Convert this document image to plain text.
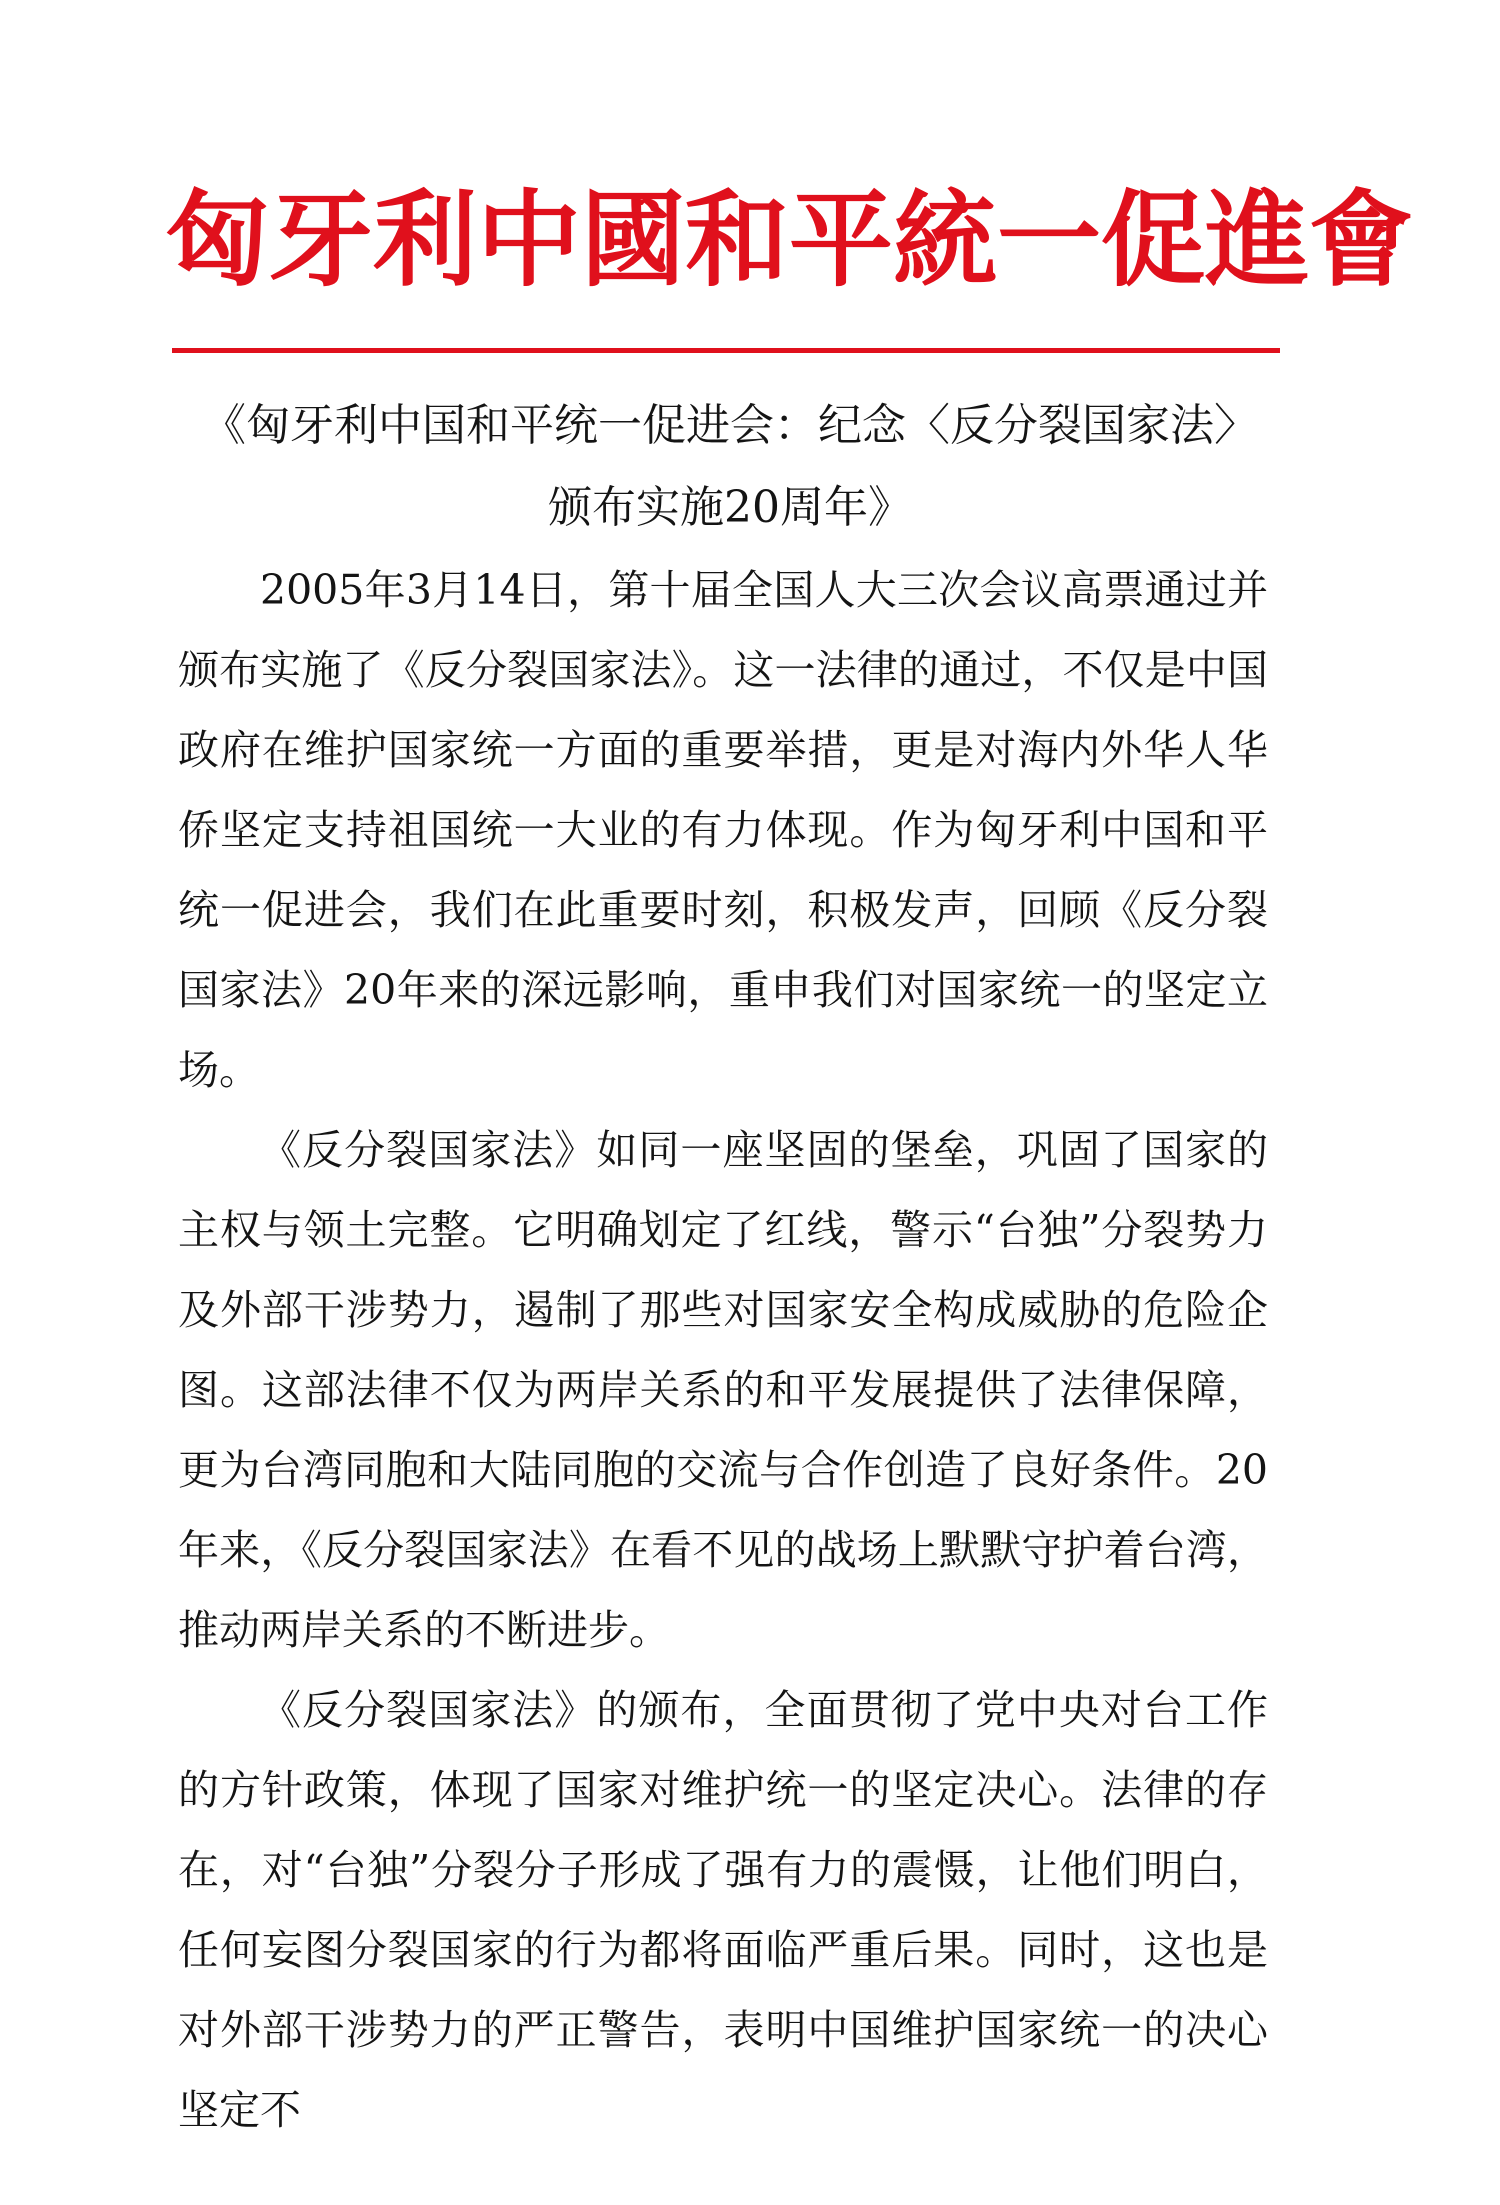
匈牙利中國和平統一促進會
《匈牙利中国和平统一促进会：纪念〈反分裂国家法〉
颁布实施20周年》

2005年3月14日，第十届全国人大三次会议高票通过并颁布实施了《反分裂国家法》。这一法律的通过，不仅是中国政府在维护国家统一方面的重要举措，更是对海内外华人华侨坚定支持祖国统一大业的有力体现。作为匈牙利中国和平统一促进会，我们在此重要时刻，积极发声，回顾《反分裂国家法》20年来的深远影响，重申我们对国家统一的坚定立场。

《反分裂国家法》如同一座坚固的堡垒，巩固了国家的主权与领土完整。它明确划定了红线，警示“台独”分裂势力及外部干涉势力，遏制了那些对国家安全构成威胁的危险企图。这部法律不仅为两岸关系的和平发展提供了法律保障，更为台湾同胞和大陆同胞的交流与合作创造了良好条件。20年来，《反分裂国家法》在看不见的战场上默默守护着台湾，推动两岸关系的不断进步。

《反分裂国家法》的颁布，全面贯彻了党中央对台工作的方针政策，体现了国家对维护统一的坚定决心。法律的存在，对“台独”分裂分子形成了强有力的震慑，让他们明白，任何妄图分裂国家的行为都将面临严重后果。同时，这也是对外部干涉势力的严正警告，表明中国维护国家统一的决心坚定不
